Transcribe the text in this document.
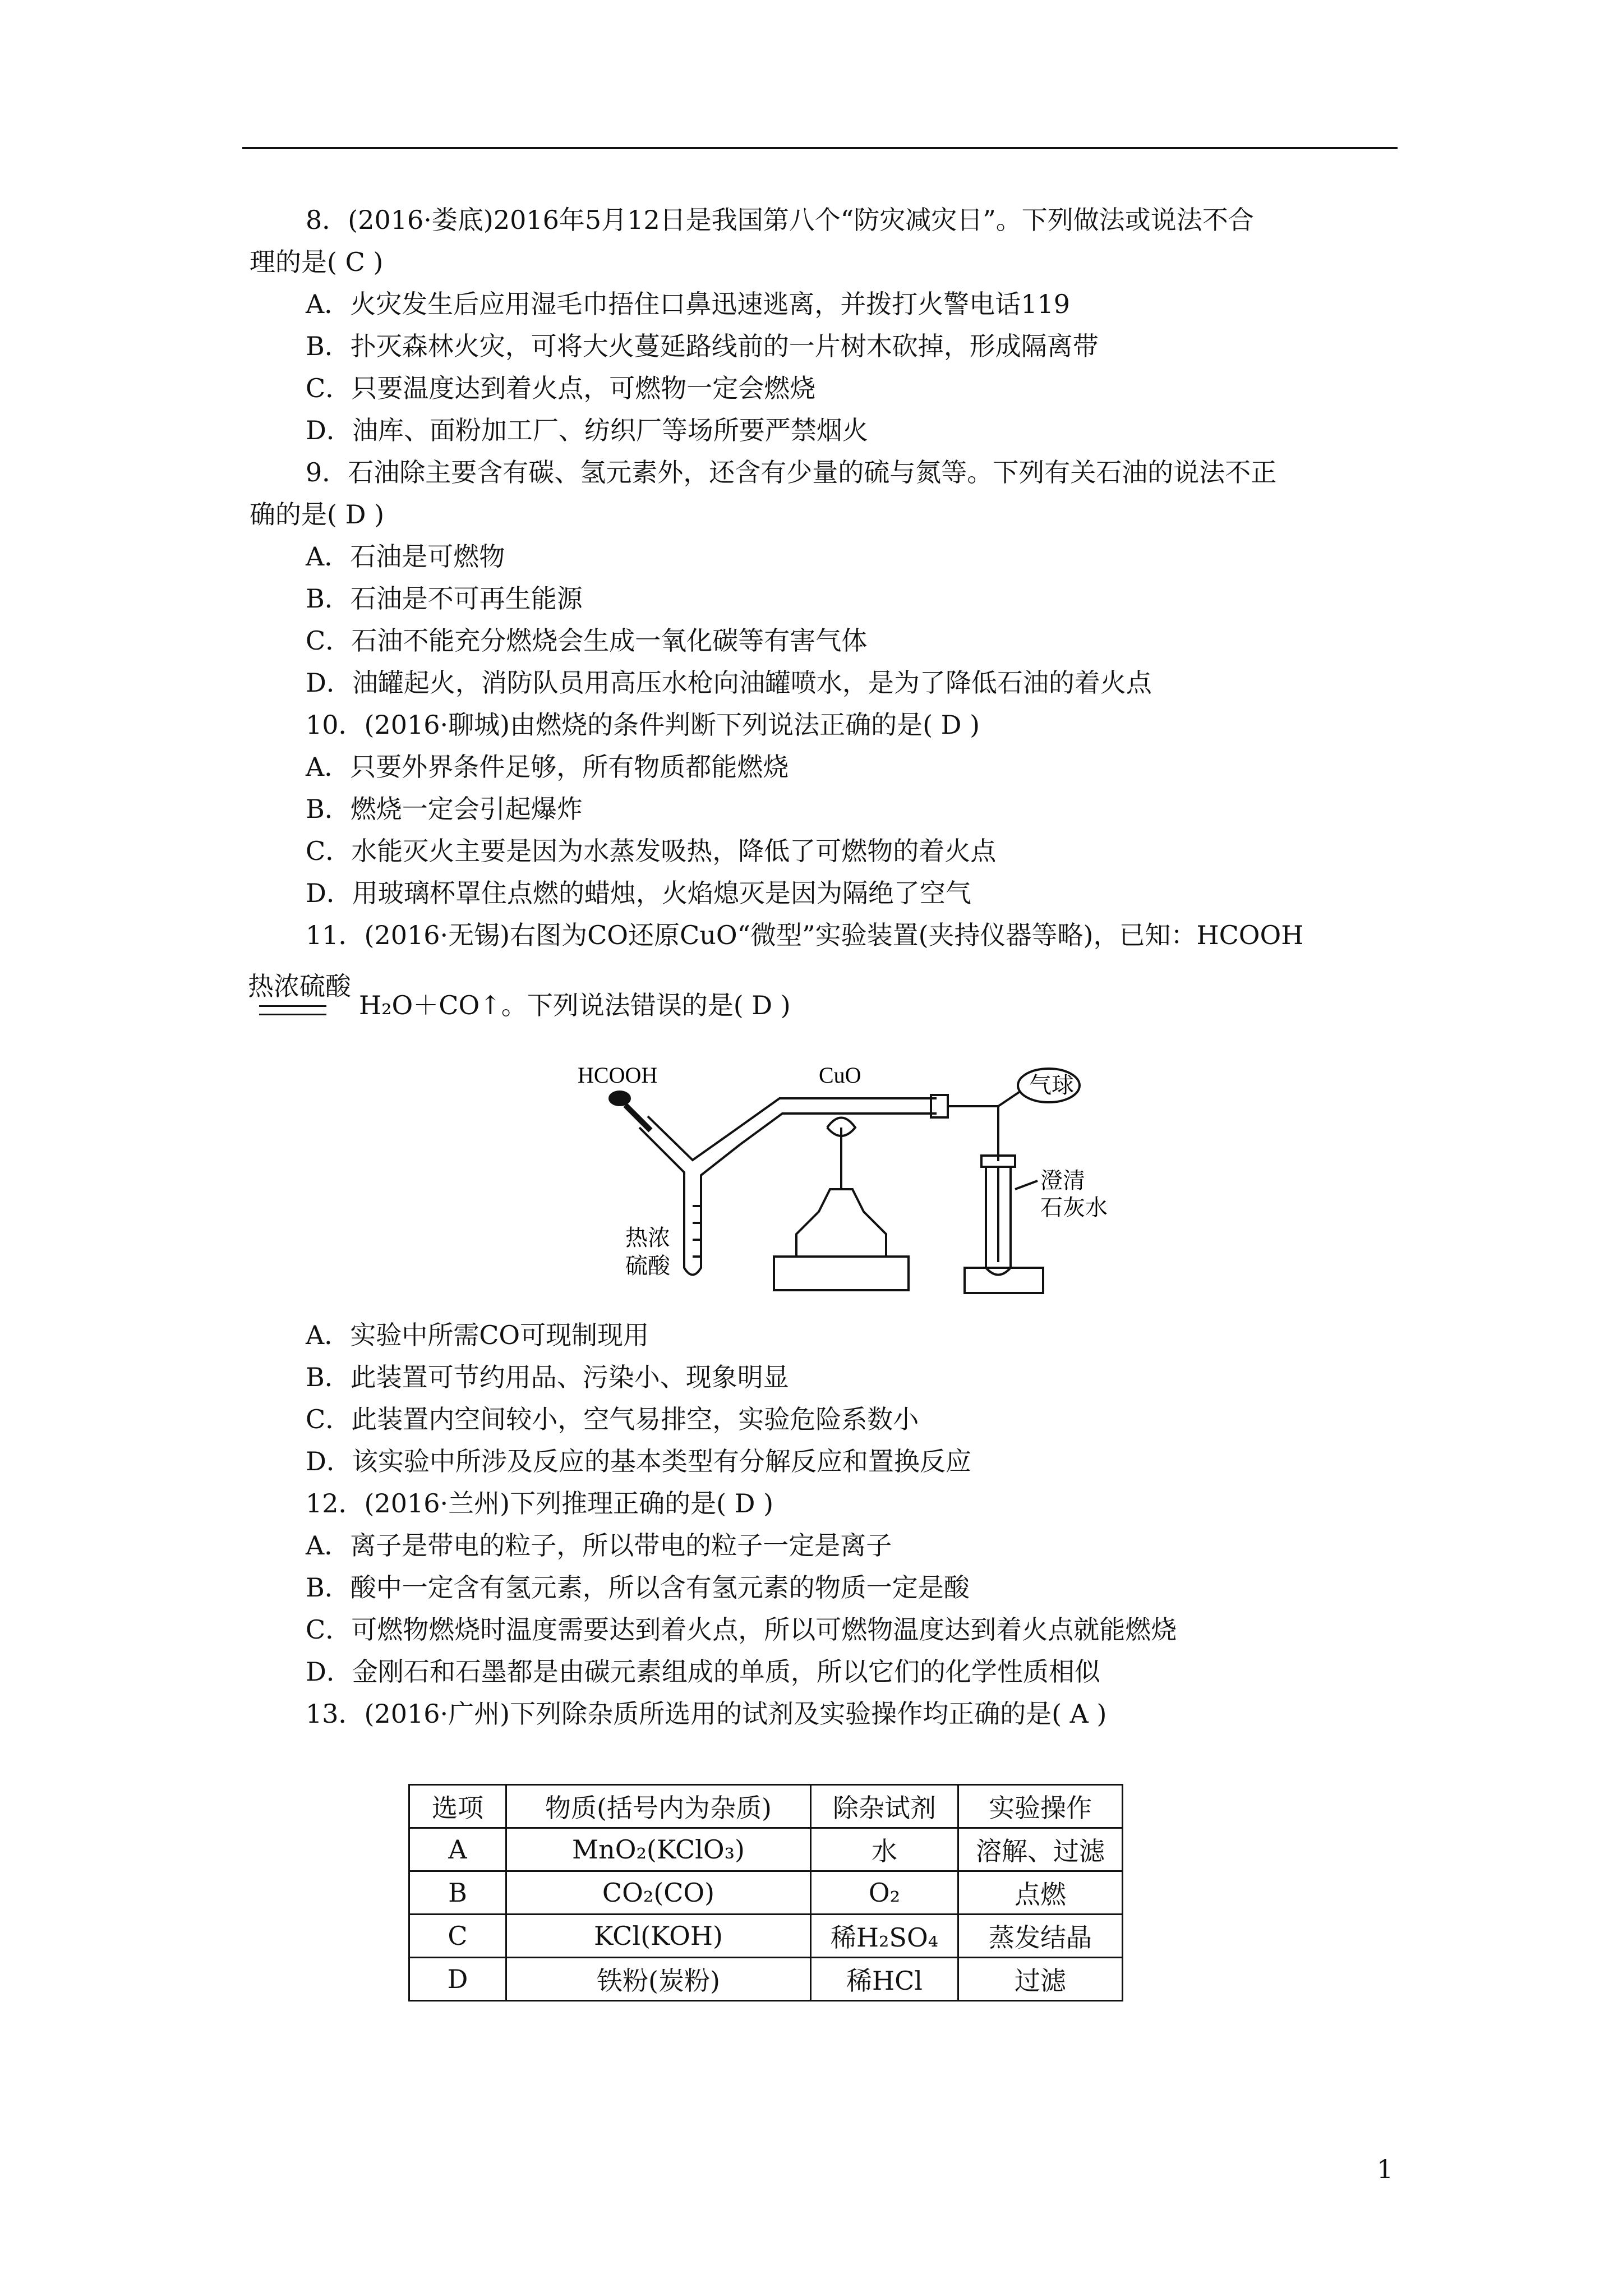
8．(2016·娄底)2016年5月12日是我国第八个“防灾减灾日”。下列做法或说法不合
理的是( C )
A．火灾发生后应用湿毛巾捂住口鼻迅速逃离，并拨打火警电话119
B．扑灭森林火灾，可将大火蔓延路线前的一片树木砍掉，形成隔离带
C．只要温度达到着火点，可燃物一定会燃烧
D．油库、面粉加工厂、纺织厂等场所要严禁烟火
9．石油除主要含有碳、氢元素外，还含有少量的硫与氮等。下列有关石油的说法不正
确的是( D )
A．石油是可燃物
B．石油是不可再生能源
C．石油不能充分燃烧会生成一氧化碳等有害气体
D．油罐起火，消防队员用高压水枪向油罐喷水，是为了降低石油的着火点
10．(2016·聊城)由燃烧的条件判断下列说法正确的是( D )
A．只要外界条件足够，所有物质都能燃烧
B．燃烧一定会引起爆炸
C．水能灭火主要是因为水蒸发吸热，降低了可燃物的着火点
D．用玻璃杯罩住点燃的蜡烛，火焰熄灭是因为隔绝了空气
11．(2016·无锡)右图为CO还原CuO“微型”实验装置(夹持仪器等略)，已知：HCOOH
热浓硫酸
H₂O＋CO↑。下列说法错误的是( D )
HCOOH	CuO	气球
热浓
硫酸
澄清
石灰水
A．实验中所需CO可现制现用
B．此装置可节约用品、污染小、现象明显
C．此装置内空间较小，空气易排空，实验危险系数小
D．该实验中所涉及反应的基本类型有分解反应和置换反应
12．(2016·兰州)下列推理正确的是( D )
A．离子是带电的粒子，所以带电的粒子一定是离子
B．酸中一定含有氢元素，所以含有氢元素的物质一定是酸
C．可燃物燃烧时温度需要达到着火点，所以可燃物温度达到着火点就能燃烧
D．金刚石和石墨都是由碳元素组成的单质，所以它们的化学性质相似
13．(2016·广州)下列除杂质所选用的试剂及实验操作均正确的是( A )
选项	物质(括号内为杂质)	除杂试剂	实验操作
A	MnO₂(KClO₃)	水	溶解、过滤
B	CO₂(CO)	O₂	点燃
C	KCl(KOH)	稀H₂SO₄	蒸发结晶
D	铁粉(炭粉)	稀HCl	过滤
1
